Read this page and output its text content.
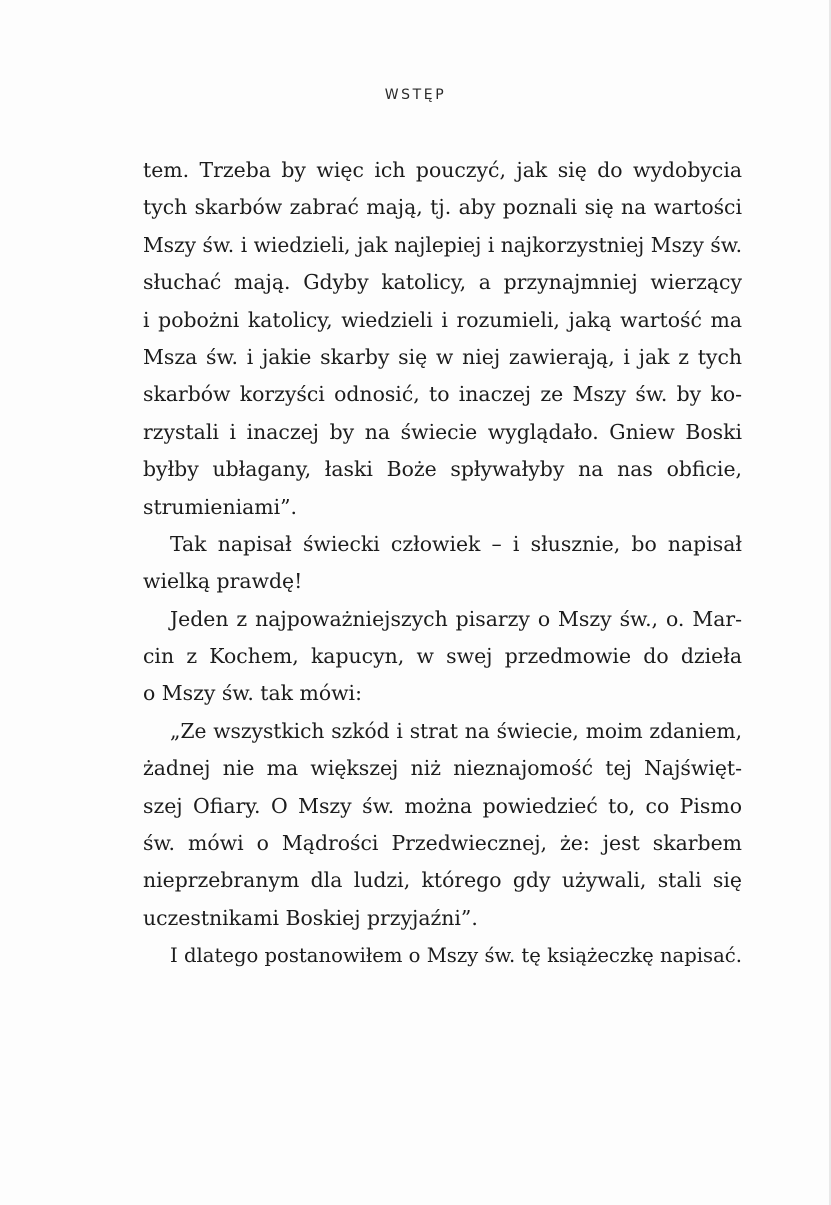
WSTĘP
tem. Trzeba by więc ich pouczyć, jak się do wydobycia
tych skarbów zabrać mają, tj. aby poznali się na wartości
Mszy św. i wiedzieli, jak najlepiej i najkorzystniej Mszy św.
słuchać mają. Gdyby katolicy, a przynajmniej wierzący
i pobożni katolicy, wiedzieli i rozumieli, jaką wartość ma
Msza św. i jakie skarby się w niej zawierają, i jak z tych
skarbów korzyści odnosić, to inaczej ze Mszy św. by ko-
rzystali i inaczej by na świecie wyglądało. Gniew Boski
byłby ubłagany, łaski Boże spływałyby na nas obficie,
strumieniami”.
Tak napisał świecki człowiek – i słusznie, bo napisał
wielką prawdę!
Jeden z najpoważniejszych pisarzy o Mszy św., o. Mar-
cin z Kochem, kapucyn, w swej przedmowie do dzieła
o Mszy św. tak mówi:
„Ze wszystkich szkód i strat na świecie, moim zdaniem,
żadnej nie ma większej niż nieznajomość tej Najświęt-
szej Ofiary. O Mszy św. można powiedzieć to, co Pismo
św. mówi o Mądrości Przedwiecznej, że: jest skarbem
nieprzebranym dla ludzi, którego gdy używali, stali się
uczestnikami Boskiej przyjaźni”.
I dlatego postanowiłem o Mszy św. tę książeczkę napisać.
